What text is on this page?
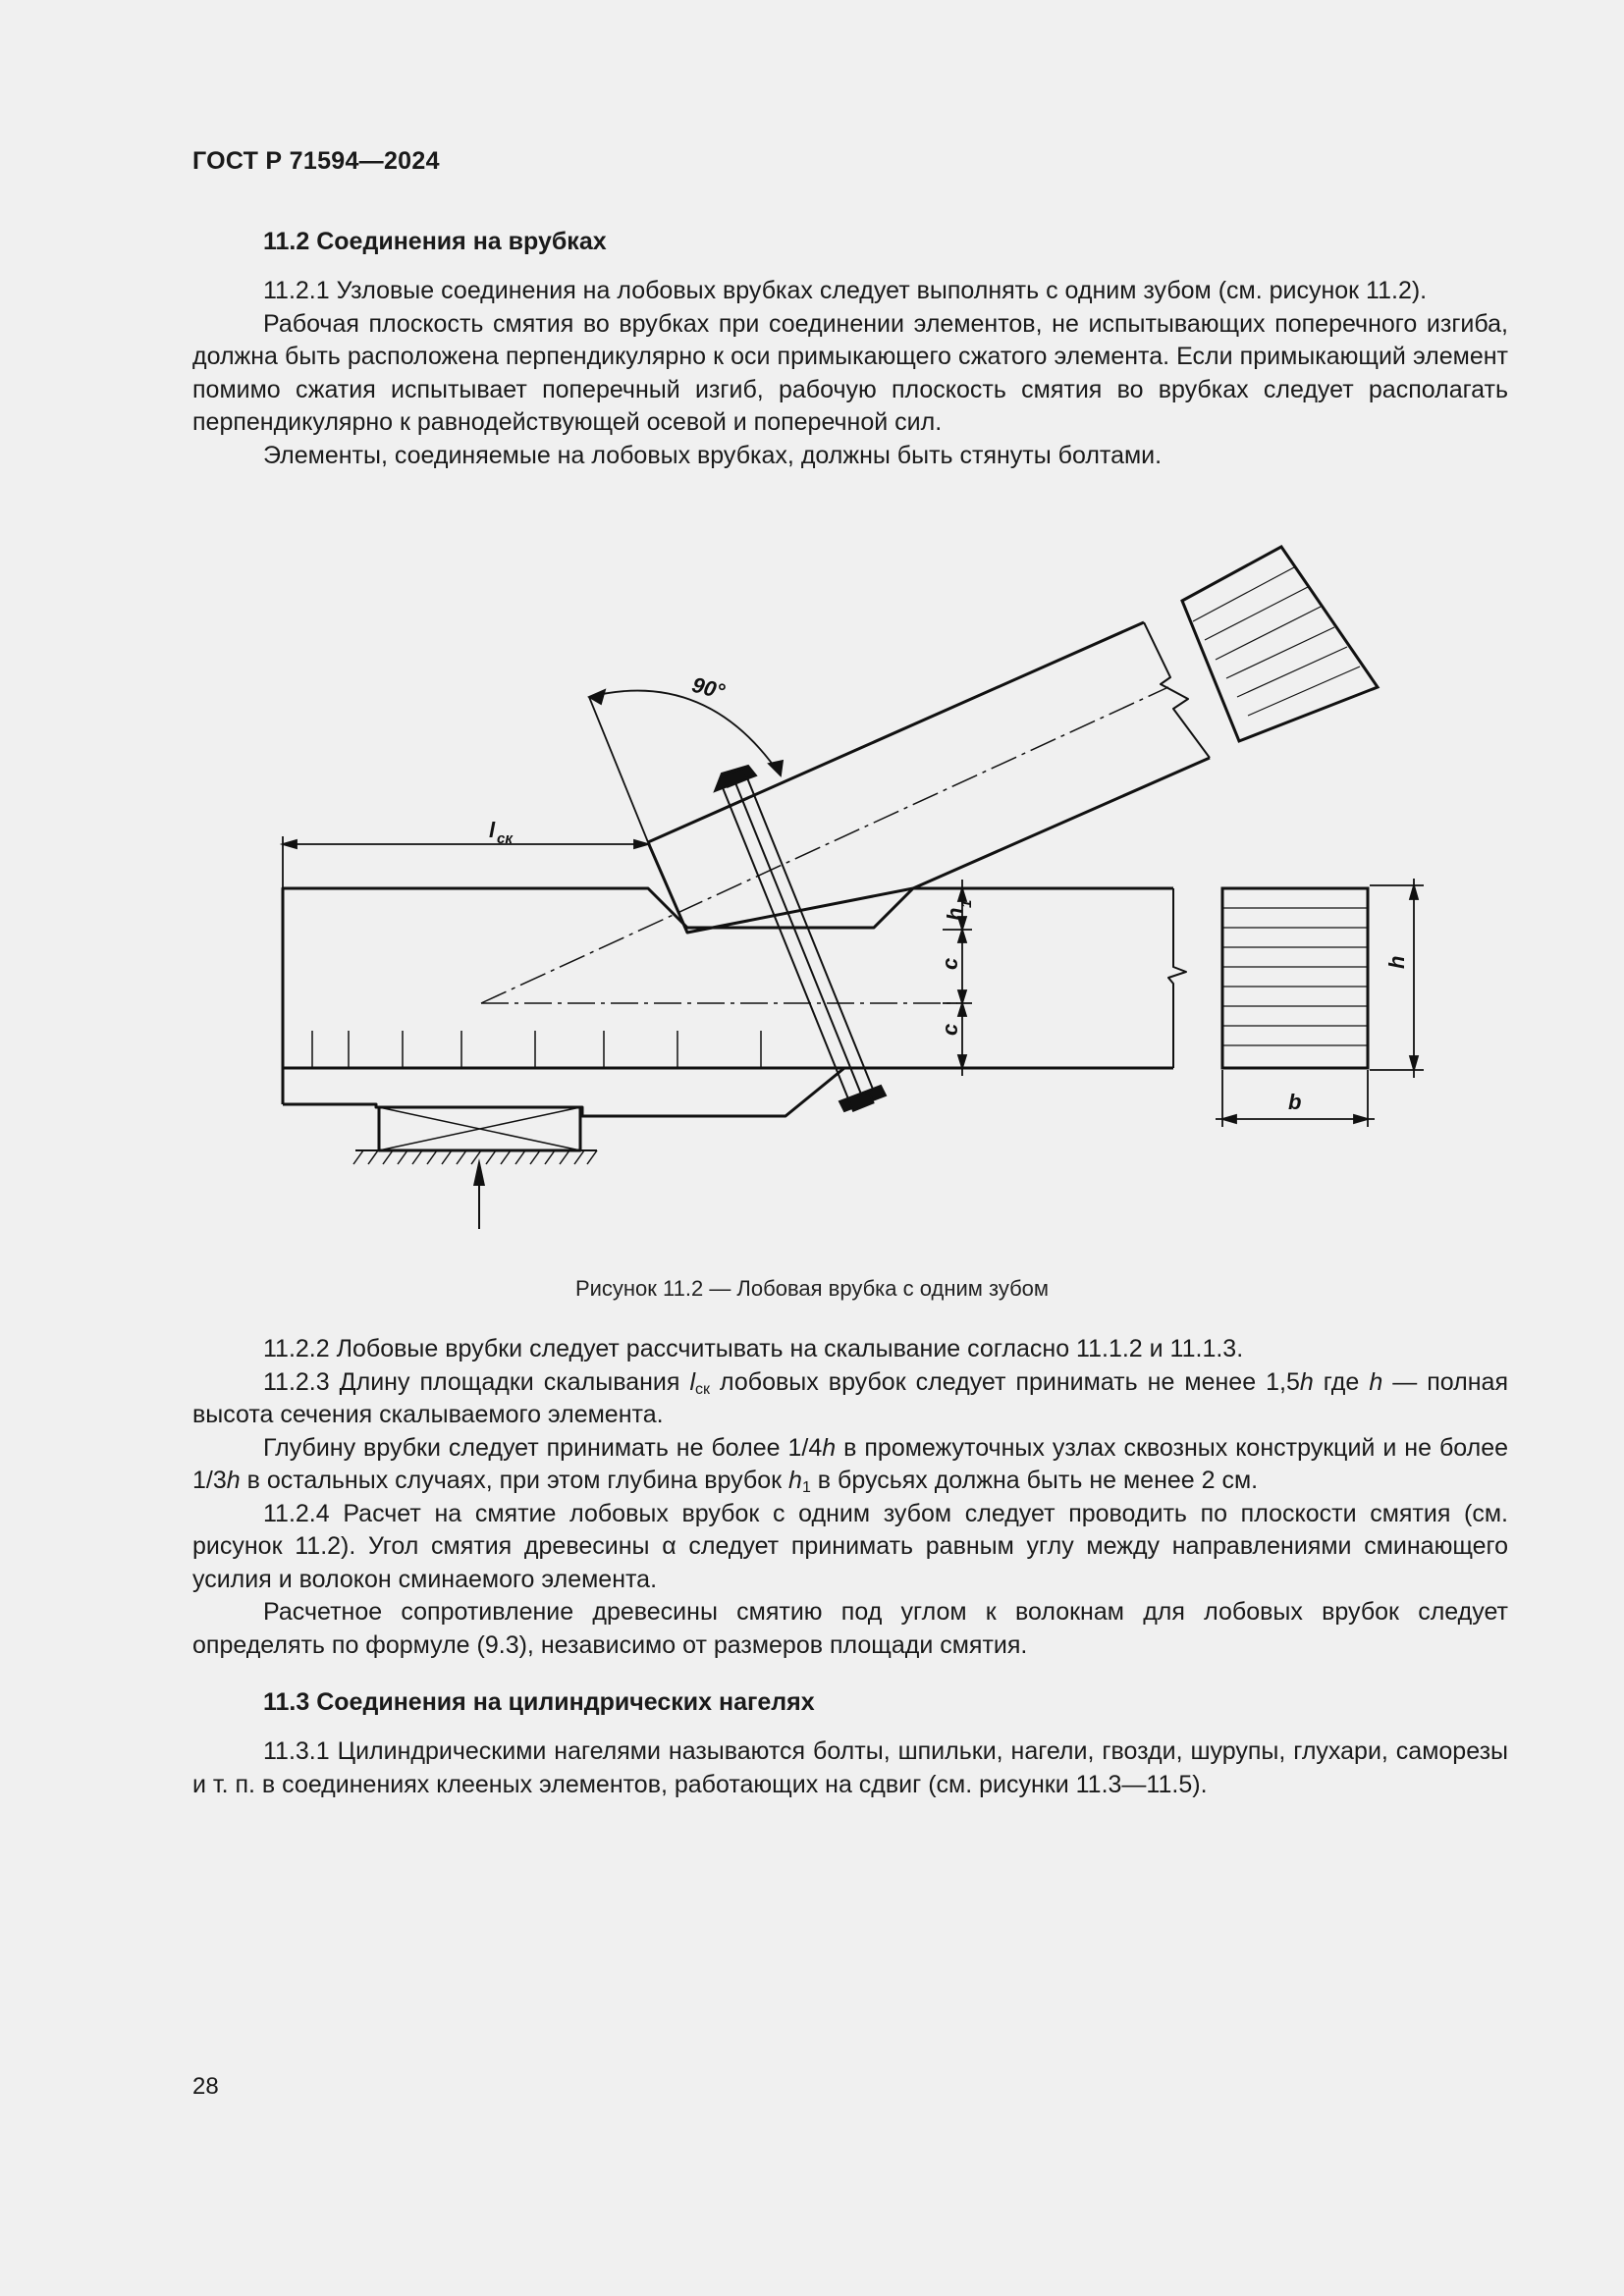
ГОСТ Р 71594—2024
11.2 Соединения на врубках

11.2.1 Узловые соединения на лобовых врубках следует выполнять с одним зубом (см. рисунок 11.2).

Рабочая плоскость смятия во врубках при соединении элементов, не испытывающих поперечного изгиба, должна быть расположена перпендикулярно к оси примыкающего сжатого элемента. Если примыкающий элемент помимо сжатия испытывает поперечный изгиб, рабочую плоскость смятия во врубках следует располагать перпендикулярно к равнодействующей осевой и поперечной сил.

Элементы, соединяемые на лобовых врубках, должны быть стянуты болтами.

90°
l ск
h
1
c
c
h
b
Рисунок 11.2 — Лобовая врубка с одним зубом

11.2.2 Лобовые врубки следует рассчитывать на скалывание согласно 11.1.2 и 11.1.3.

11.2.3 Длину площадки скалывания $l_{ск}$ лобовых врубок следует принимать не менее 1,5h где h — полная высота сечения скалываемого элемента.

Глубину врубки следует принимать не более 1/4h в промежуточных узлах сквозных конструкций и не более 1/3h в остальных случаях, при этом глубина врубок $h_1$ в брусьях должна быть не менее 2 см.

11.2.4 Расчет на смятие лобовых врубок с одним зубом следует проводить по плоскости смятия (см. рисунок 11.2). Угол смятия древесины α следует принимать равным углу между направлениями сминающего усилия и волокон сминаемого элемента.

Расчетное сопротивление древесины смятию под углом к волокнам для лобовых врубок следует определять по формуле (9.3), независимо от размеров площади смятия.

11.3 Соединения на цилиндрических нагелях

11.3.1 Цилиндрическими нагелями называются болты, шпильки, нагели, гвозди, шурупы, глухари, саморезы и т. п. в соединениях клееных элементов, работающих на сдвиг (см. рисунки 11.3—11.5).

28
